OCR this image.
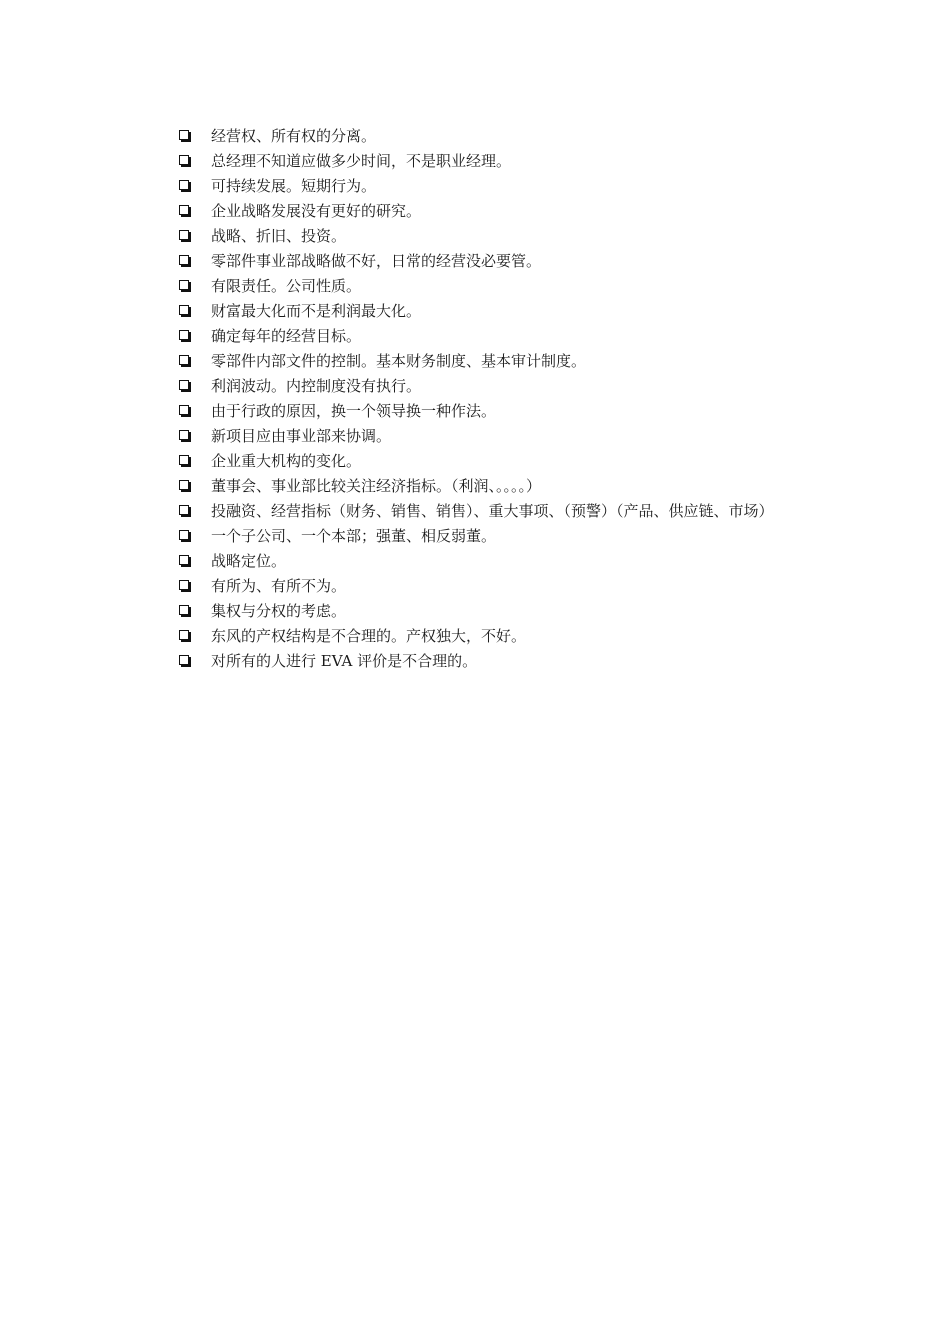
经营权、所有权的分离。
总经理不知道应做多少时间，不是职业经理。
可持续发展。短期行为。
企业战略发展没有更好的研究。
战略、折旧、投资。
零部件事业部战略做不好，日常的经营没必要管。
有限责任。公司性质。
财富最大化而不是利润最大化。
确定每年的经营目标。
零部件内部文件的控制。基本财务制度、基本审计制度。
利润波动。内控制度没有执行。
由于行政的原因，换一个领导换一种作法。
新项目应由事业部来协调。
企业重大机构的变化。
董事会、事业部比较关注经济指标。（利润、。。。。）
投融资、经营指标（财务、销售、销售）、重大事项、（预警）（产品、供应链、市场）
一个子公司、一个本部；强董、相反弱董。
战略定位。
有所为、有所不为。
集权与分权的考虑。
东风的产权结构是不合理的。产权独大，不好。
对所有的人进行 EVA 评价是不合理的。
